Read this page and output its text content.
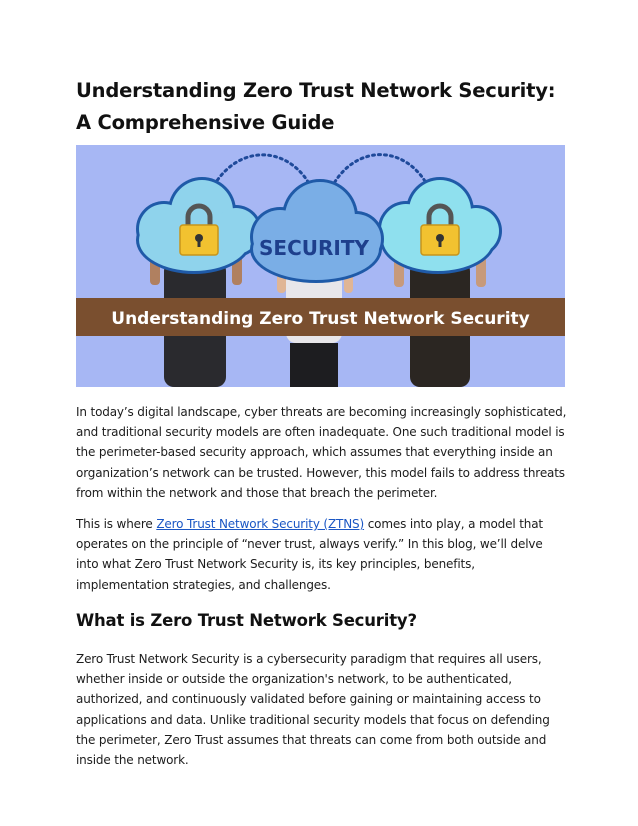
Understanding Zero Trust Network Security: A Comprehensive Guide
SECURITY
Understanding Zero Trust Network Security

In today’s digital landscape, cyber threats are becoming increasingly sophisticated, and traditional security models are often inadequate. One such traditional model is the perimeter-based security approach, which assumes that everything inside an organization’s network can be trusted. However, this model fails to address threats from within the network and those that breach the perimeter.

This is where Zero Trust Network Security (ZTNS) comes into play, a model that operates on the principle of “never trust, always verify.” In this blog, we’ll delve into what Zero Trust Network Security is, its key principles, benefits, implementation strategies, and challenges.

What is Zero Trust Network Security?

Zero Trust Network Security is a cybersecurity paradigm that requires all users, whether inside or outside the organization's network, to be authenticated, authorized, and continuously validated before gaining or maintaining access to applications and data. Unlike traditional security models that focus on defending the perimeter, Zero Trust assumes that threats can come from both outside and inside the network.
